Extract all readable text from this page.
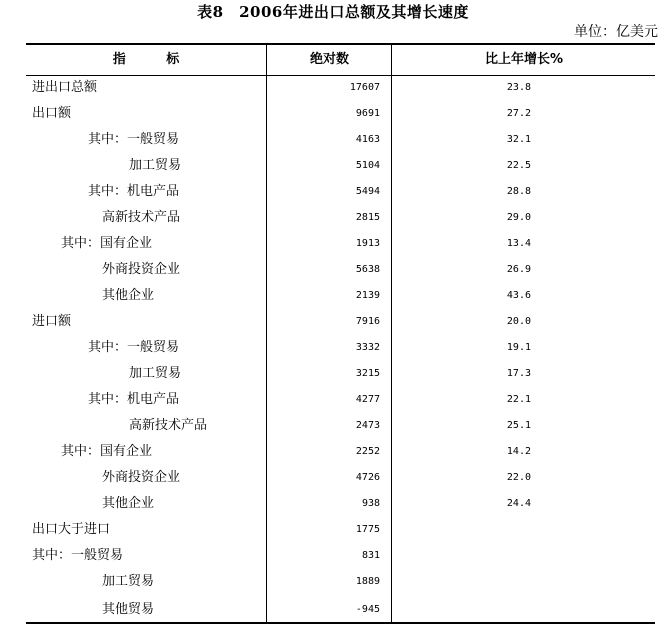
表8　2006年进出口总额及其增长速度
单位：亿美元
指 标	绝对数	比上年增长%
进出口总额	17607	23.8
出口额	9691	27.2
其中：一般贸易	4163	32.1
加工贸易	5104	22.5
其中：机电产品	5494	28.8
高新技术产品	2815	29.0
其中：国有企业	1913	13.4
外商投资企业	5638	26.9
其他企业	2139	43.6
进口额	7916	20.0
其中：一般贸易	3332	19.1
加工贸易	3215	17.3
其中：机电产品	4277	22.1
高新技术产品	2473	25.1
其中：国有企业	2252	14.2
外商投资企业	4726	22.0
其他企业	938	24.4
出口大于进口	1775
其中：一般贸易	831
加工贸易	1889
其他贸易	-945
